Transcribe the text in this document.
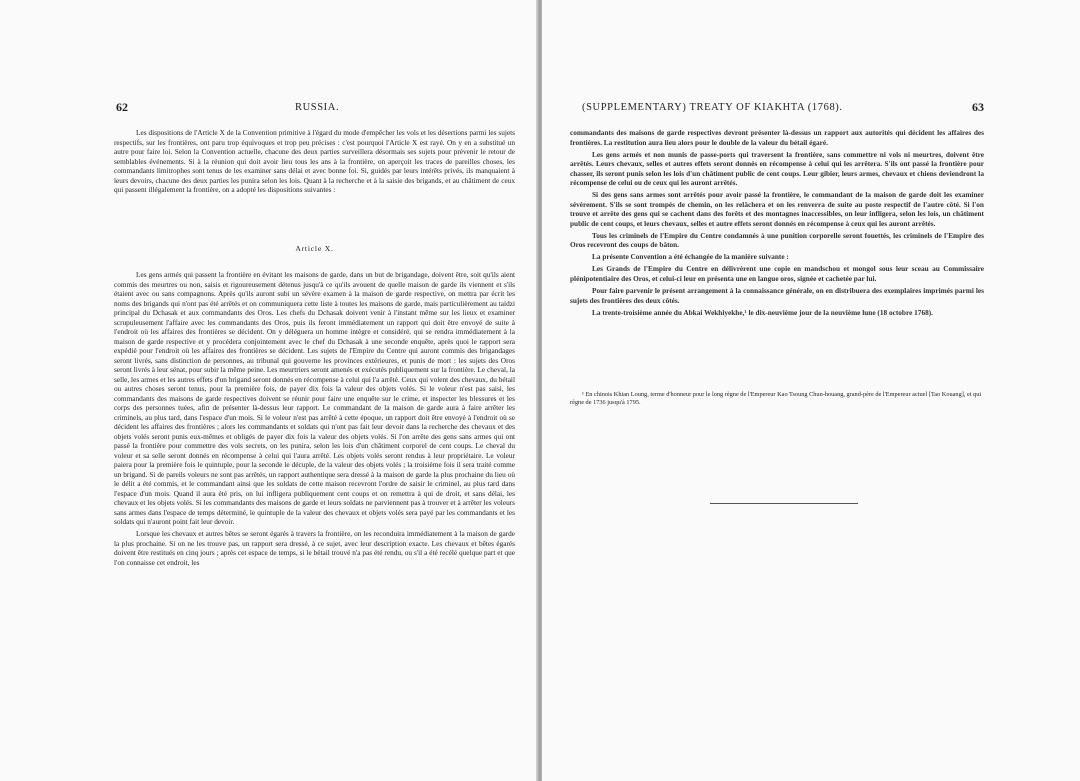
62	RUSSIA.

Les dispositions de l'Article X de la Convention primitive à l'égard du mode d'empêcher les vols et les désertions parmi les sujets respectifs, sur les frontières, ont paru trop équivoques et trop peu précises : c'est pourquoi l'Article X est rayé. On y en a substitué un autre pour faire loi. Selon la Convention actuelle, chacune des deux parties surveillera désormais ses sujets pour prévenir le retour de semblables événements. Si à la réunion qui doit avoir lieu tous les ans à la frontière, on aperçoit les traces de pareilles choses, les commandants limitrophes sont tenus de les examiner sans délai et avec bonne foi. Si, guidés par leurs intérêts privés, ils manquaient à leurs devoirs, chacune des deux parties les punira selon les lois. Quant à la recherche et à la saisie des brigands, et au châtiment de ceux qui passent illégalement la frontière, on a adopté les dispositions suivantes :

Article X.

Les gens armés qui passent la frontière en évitant les maisons de garde, dans un but de brigandage, doivent être, soit qu'ils aient commis des meurtres ou non, saisis et rigoureusement détenus jusqu'à ce qu'ils avouent de quelle maison de garde ils viennent et s'ils étaient avec ou sans compagnons. Après qu'ils auront subi un sévère examen à la maison de garde respective, on mettra par écrit les noms des brigands qui n'ont pas été arrêtés et on communiquera cette liste à toutes les maisons de garde, mais particulièrement au taidzi principal du Dchasak et aux commandants des Oros. Les chefs du Dchasak doivent venir à l'instant même sur les lieux et examiner scrupuleusement l'affaire avec les commandants des Oros, puis ils feront immédiatement un rapport qui doit être envoyé de suite à l'endroit où les affaires des frontières se décident. On y déléguera un homme intègre et considéré, qui se rendra immédiatement à la maison de garde respective et y procédera conjointement avec le chef du Dchasak à une seconde enquête, après quoi le rapport sera expédié pour l'endroit où les affaires des frontières se décident. Les sujets de l'Empire du Centre qui auront commis des brigandages seront livrés, sans distinction de personnes, au tribunal qui gouverne les provinces extérieures, et punis de mort : les sujets des Oros seront livrés à leur sénat, pour subir la même peine. Les meurtriers seront amenés et exécutés publiquement sur la frontière. Le cheval, la selle, les armes et les autres effets d'un brigand seront donnés en récompense à celui qui l'a arrêté. Ceux qui volent des chevaux, du bétail ou autres choses seront tenus, pour la première fois, de payer dix fois la valeur des objets volés. Si le voleur n'est pas saisi, les commandants des maisons de garde respectives doivent se réunir pour faire une enquête sur le crime, et inspecter les blessures et les corps des personnes tuées, afin de présenter là-dessus leur rapport. Le commandant de la maison de garde aura à faire arrêter les criminels, au plus tard, dans l'espace d'un mois. Si le voleur n'est pas arrêté à cette époque, un rapport doit être envoyé à l'endroit où se décident les affaires des frontières ; alors les commandants et soldats qui n'ont pas fait leur devoir dans la recherche des chevaux et des objets volés seront punis eux-mêmes et obligés de payer dix fois la valeur des objets volés. Si l'on arrête des gens sans armes qui ont passé la frontière pour commettre des vols secrets, on les punira, selon les lois d'un châtiment corporel de cent coups. Le cheval du voleur et sa selle seront donnés en récompense à celui qui l'aura arrêté. Les objets volés seront rendus à leur propriétaire. Le voleur paiera pour la première fois le quintuple, pour la seconde le décuple, de la valeur des objets volés ; la troisième fois il sera traité comme un brigand. Si de pareils voleurs ne sont pas arrêtés, un rapport authentique sera dressé à la maison de garde la plus prochaine du lieu où le délit a été commis, et le commandant ainsi que les soldats de cette maison recevront l'ordre de saisir le criminel, au plus tard dans l'espace d'un mois. Quand il aura été pris, on lui infligera publiquement cent coups et on remettra à qui de droit, et sans délai, les chevaux et les objets volés. Si les commandants des maisons de garde et leurs soldats ne parviennent pas à trouver et à arrêter les voleurs sans armes dans l'espace de temps déterminé, le quintuple de la valeur des chevaux et objets volés sera payé par les commandants et les soldats qui n'auront point fait leur devoir.

Lorsque les chevaux et autres bêtes se seront égarés à travers la frontière, on les reconduira immédiatement à la maison de garde la plus prochaine. Si on ne les trouve pas, un rapport sera dressé, à ce sujet, avec leur description exacte. Les chevaux et bêtes égarés doivent être restitués en cinq jours ; après cet espace de temps, si le bétail trouvé n'a pas été rendu, ou s'il a été recélé quelque part et que l'on connaisse cet endroit, les

(SUPPLEMENTARY) TREATY OF KIAKHTA (1768).	63

commandants des maisons de garde respectives devront présenter là-dessus un rapport aux autorités qui décident les affaires des frontières. La restitution aura lieu alors pour le double de la valeur du bétail égaré.

Les gens armés et non munis de passe-ports qui traversent la frontière, sans commettre ni vols ni meurtres, doivent être arrêtés. Leurs chevaux, selles et autres effets seront donnés en récompense à celui qui les arrêtera. S'ils ont passé la frontière pour chasser, ils seront punis selon les lois d'un châtiment public de cent coups. Leur gibier, leurs armes, chevaux et chiens deviendront la récompense de celui ou de ceux qui les auront arrêtés.

Si des gens sans armes sont arrêtés pour avoir passé la frontière, le commandant de la maison de garde doit les examiner sévèrement. S'ils se sont trompés de chemin, on les relâchera et on les renverra de suite au poste respectif de l'autre côté. Si l'on trouve et arrête des gens qui se cachent dans des forêts et des montagnes inaccessibles, on leur infligera, selon les lois, un châtiment public de cent coups, et leurs chevaux, selles et autre effets seront donnés en récompense à ceux qui les auront arrêtés.

Tous les criminels de l'Empire du Centre condamnés à une punition corporelle seront fouettés, les criminels de l'Empire des Oros recevront des coups de bâton.

La présente Convention a été échangée de la manière suivante :

Les Grands de l'Empire du Centre en délivrèrent une copie en mandschou et mongol sous leur sceau au Commissaire plénipotentiaire des Oros, et celui-ci leur en présenta une en langue oros, signée et cachetée par lui.

Pour faire parvenir le présent arrangement à la connaissance générale, on en distribuera des exemplaires imprimés parmi les sujets des frontières des deux côtés.

La trente-troisième année du Abkai Wekhiyekhe,¹ le dix-neuvième jour de la neuvième lune (18 octobre 1768).

¹ En chinois Khian Loung, terme d'honneur pour le long règne de l'Empereur Kao Tsoung Chun-houang, grand-père de l'Empereur actuel [Tao Kouang], et qui règne de 1736 jusqu'à 1795.
